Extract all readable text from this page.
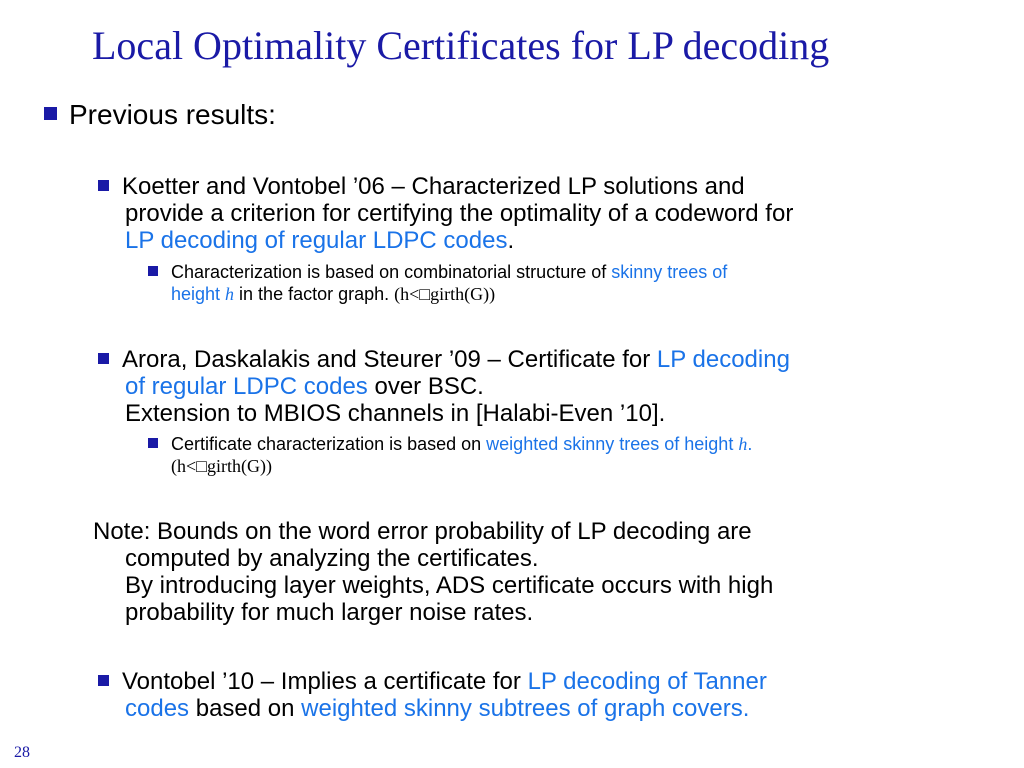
Local Optimality Certificates for LP decoding
Previous results:
Koetter and Vontobel ’06 – Characterized LP solutions and
provide a criterion for certifying the optimality of a codeword for
LP decoding of regular LDPC codes.
Characterization is based on combinatorial structure of skinny trees of
height h in the factor graph. (h<□girth(G))
Arora, Daskalakis and Steurer ’09 – Certificate for LP decoding
of regular LDPC codes over BSC.
Extension to MBIOS channels in [Halabi-Even ’10].
Certificate characterization is based on weighted skinny trees of height h.
(h<□girth(G))
Note: Bounds on the word error probability of LP decoding are
computed by analyzing the certificates.
By introducing layer weights, ADS certificate occurs with high
probability for much larger noise rates.
Vontobel ’10 – Implies a certificate for LP decoding of Tanner
codes based on weighted skinny subtrees of graph covers.
28
